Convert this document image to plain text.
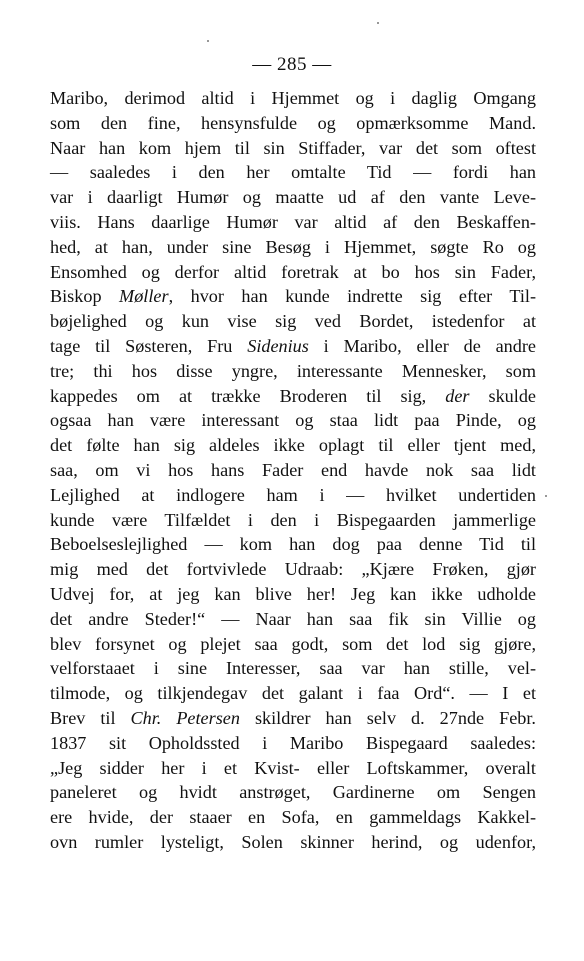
— 285 —
Maribo, derimod altid i Hjemmet og i daglig Omgang
som den fine, hensynsfulde og opmærksomme Mand.
Naar han kom hjem til sin Stiffader, var det som oftest
— saaledes i den her omtalte Tid — fordi han
var i daarligt Humør og maatte ud af den vante Leve-
viis. Hans daarlige Humør var altid af den Beskaffen-
hed, at han, under sine Besøg i Hjemmet, søgte Ro og
Ensomhed og derfor altid foretrak at bo hos sin Fader,
Biskop Møller, hvor han kunde indrette sig efter Til-
bøjelighed og kun vise sig ved Bordet, istedenfor at
tage til Søsteren, Fru Sidenius i Maribo, eller de andre
tre; thi hos disse yngre, interessante Mennesker, som
kappedes om at trække Broderen til sig, der skulde
ogsaa han være interessant og staa lidt paa Pinde, og
det følte han sig aldeles ikke oplagt til eller tjent med,
saa, om vi hos hans Fader end havde nok saa lidt
Lejlighed at indlogere ham i — hvilket undertiden
kunde være Tilfældet i den i Bispegaarden jammerlige
Beboelseslejlighed — kom han dog paa denne Tid til
mig med det fortvivlede Udraab: „Kjære Frøken, gjør
Udvej for, at jeg kan blive her! Jeg kan ikke udholde
det andre Steder!“ — Naar han saa fik sin Villie og
blev forsynet og plejet saa godt, som det lod sig gjøre,
velforstaaet i sine Interesser, saa var han stille, vel-
tilmode, og tilkjendegav det galant i faa Ord“. — I et
Brev til Chr. Petersen skildrer han selv d. 27nde Febr.
1837 sit Opholdssted i Maribo Bispegaard saaledes:
„Jeg sidder her i et Kvist- eller Loftskammer, overalt
paneleret og hvidt anstrøget, Gardinerne om Sengen
ere hvide, der staaer en Sofa, en gammeldags Kakkel-
ovn rumler lysteligt, Solen skinner herind, og udenfor,
